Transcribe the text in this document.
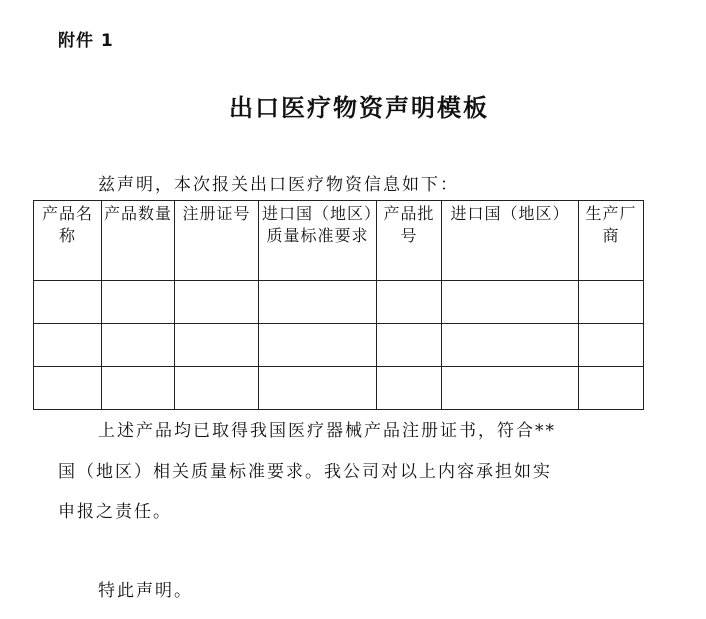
附件 1
出口医疗物资声明模板
兹声明，本次报关出口医疗物资信息如下：
产品名称	产品数量	注册证号	进口国（地区）质量标准要求	产品批号	进口国（地区）	生产厂商

上述产品均已取得我国医疗器械产品注册证书，符合**
国（地区）相关质量标准要求。我公司对以上内容承担如实
申报之责任。
特此声明。
